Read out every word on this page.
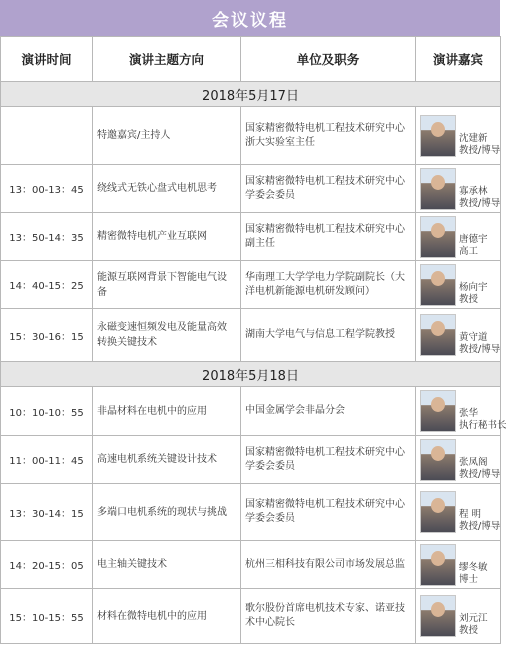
会议议程
演讲时间	演讲主题方向	单位及职务	演讲嘉宾
2018年5月17日			
	特邀嘉宾/主持人	国家精密微特电机工程技术研究中心浙大实验室主任	沈建新
教授/博导

13：00-13：45	绕线式无铁心盘式电机思考	国家精密微特电机工程技术研究中心学委会委员	寡承林
教授/博导

13：50-14：35	精密微特电机产业互联网	国家精密微特电机工程技术研究中心副主任	唐德宇
高工

14：40-15：25	能源互联网背景下智能电气设备	华南理工大学学电力学院副院长（大洋电机新能源电机研发顾问）	杨向宇
教授

15：30-16：15	永磁变速恒频发电及能量高效转换关键技术	湖南大学电气与信息工程学院教授	黄守道
教授/博导

2018年5月18日			
10：10-10：55	非晶材料在电机中的应用	中国金属学会非晶分会	张华
执行秘书长

11：00-11：45	高速电机系统关键设计技术	国家精密微特电机工程技术研究中心学委会委员	张凤阁
教授/博导

13：30-14：15	多端口电机系统的现状与挑战	国家精密微特电机工程技术研究中心学委会委员	程 明
教授/博导

14：20-15：05	电主轴关键技术	杭州三相科技有限公司市场发展总监	缪冬敏
博士

15：10-15：55	材料在微特电机中的应用	歌尔股份首席电机技术专家、诺亚技术中心院长	刘元江
教授
